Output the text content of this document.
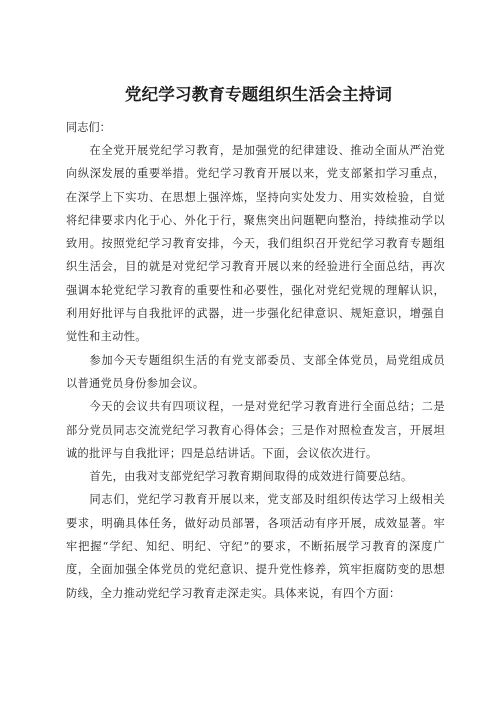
党纪学习教育专题组织生活会主持词

同志们：

在全党开展党纪学习教育，是加强党的纪律建设、推动全面从严治党向纵深发展的重要举措。党纪学习教育开展以来，党支部紧扣学习重点，在深学上下实功、在思想上强淬炼，坚持向实处发力、用实效检验，自觉将纪律要求内化于心、外化于行，聚焦突出问题靶向整治，持续推动学以致用。按照党纪学习教育安排，今天，我们组织召开党纪学习教育专题组织生活会，目的就是对党纪学习教育开展以来的经验进行全面总结，再次强调本轮党纪学习教育的重要性和必要性，强化对党纪党规的理解认识，利用好批评与自我批评的武器，进一步强化纪律意识、规矩意识，增强自觉性和主动性。

参加今天专题组织生活的有党支部委员、支部全体党员，局党组成员以普通党员身份参加会议。

今天的会议共有四项议程，一是对党纪学习教育进行全面总结；二是部分党员同志交流党纪学习教育心得体会；三是作对照检查发言，开展坦诚的批评与自我批评；四是总结讲话。下面，会议依次进行。

首先，由我对支部党纪学习教育期间取得的成效进行简要总结。

同志们，党纪学习教育开展以来，党支部及时组织传达学习上级相关要求，明确具体任务，做好动员部署，各项活动有序开展，成效显著。牢牢把握“学纪、知纪、明纪、守纪”的要求，不断拓展学习教育的深度广度，全面加强全体党员的党纪意识、提升党性修养，筑牢拒腐防变的思想防线，全力推动党纪学习教育走深走实。具体来说，有四个方面：
